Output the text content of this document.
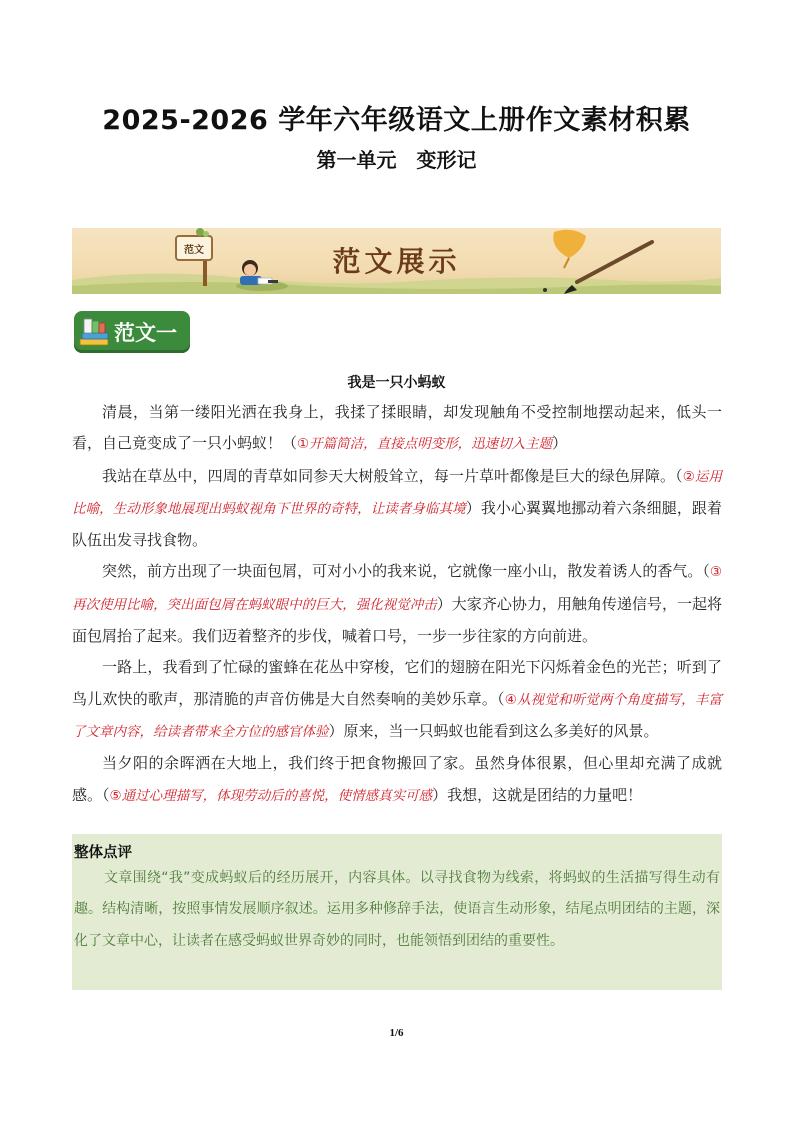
2025-2026 学年六年级语文上册作文素材积累
第一单元　变形记
范文	范文展示
范文一
我是一只小蚂蚁

清晨，当第一缕阳光洒在我身上，我揉了揉眼睛，却发现触角不受控制地摆动起来，低头一看，自己竟变成了一只小蚂蚁！（①开篇简洁，直接点明变形，迅速切入主题）

我站在草丛中，四周的青草如同参天大树般耸立，每一片草叶都像是巨大的绿色屏障。（②运用比喻，生动形象地展现出蚂蚁视角下世界的奇特，让读者身临其境）我小心翼翼地挪动着六条细腿，跟着队伍出发寻找食物。

突然，前方出现了一块面包屑，可对小小的我来说，它就像一座小山，散发着诱人的香气。（③再次使用比喻，突出面包屑在蚂蚁眼中的巨大，强化视觉冲击）大家齐心协力，用触角传递信号，一起将面包屑抬了起来。我们迈着整齐的步伐，喊着口号，一步一步往家的方向前进。

一路上，我看到了忙碌的蜜蜂在花丛中穿梭，它们的翅膀在阳光下闪烁着金色的光芒；听到了鸟儿欢快的歌声，那清脆的声音仿佛是大自然奏响的美妙乐章。（④从视觉和听觉两个角度描写，丰富了文章内容，给读者带来全方位的感官体验）原来，当一只蚂蚁也能看到这么多美好的风景。

当夕阳的余晖洒在大地上，我们终于把食物搬回了家。虽然身体很累，但心里却充满了成就感。（⑤通过心理描写，体现劳动后的喜悦，使情感真实可感）我想，这就是团结的力量吧！

整体点评

文章围绕“我”变成蚂蚁后的经历展开，内容具体。以寻找食物为线索，将蚂蚁的生活描写得生动有趣。结构清晰，按照事情发展顺序叙述。运用多种修辞手法，使语言生动形象，结尾点明团结的主题，深化了文章中心，让读者在感受蚂蚁世界奇妙的同时，也能领悟到团结的重要性。

1/6
